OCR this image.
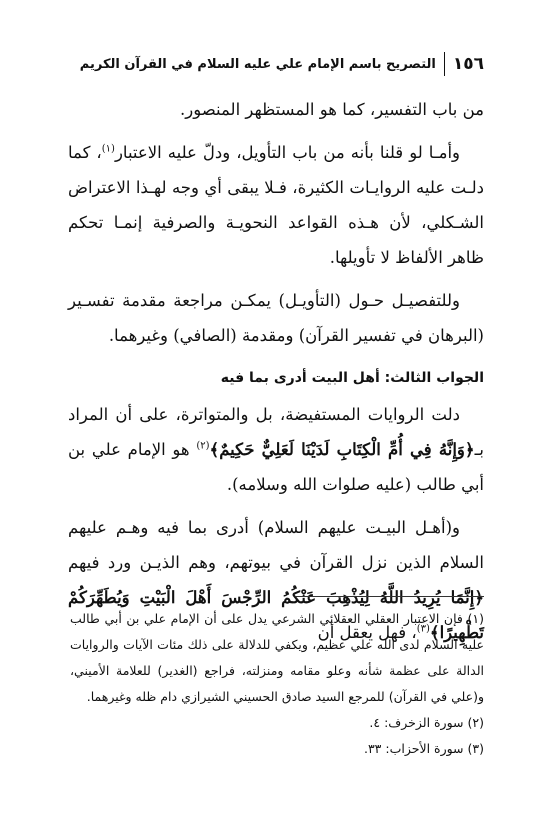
١٥٦
التصريح باسم الإمام علي عليه السلام في القرآن الكريم

من باب التفسير، كما هو المستظهر المنصور.

وأمـا لو قلنا بأنه من باب التأويل، ودلّ عليه الاعتبار$^{(١)}$، كما دلـت عليه الروايـات الكثيرة، فـلا يبقى أي وجه لهـذا الاعتراض الشـكلي، لأن هـذه القواعد النحويـة والصرفية إنمـا تحكم ظاهر الألفاظ لا تأويلها.

وللتفصيـل حـول (التأويـل) يمكـن مراجعة مقدمة تفسـير (البرهان في تفسير القرآن) ومقدمة (الصافي) وغيرهما.

الجواب الثالث: أهل البيت أدرى بما فيه

دلت الروايات المستفيضة، بل والمتواترة، على أن المراد بـ﴿وَإِنَّهُ فِي أُمِّ الْكِتَابِ لَدَيْنَا لَعَلِيٌّ حَكِيمٌ﴾$^{(٢)}$ هو الإمام علي بن أبي طالب (عليه صلوات الله وسلامه).

و(أهـل البيـت عليهم السلام) أدرى بما فيه وهـم عليهم السلام الذين نزل القرآن في بيوتهم، وهم الذيـن ورد فيهم ﴿إِنَّمَا يُرِيدُ اللَّهُ لِيُذْهِبَ عَنْكُمُ الرِّجْسَ أَهْلَ الْبَيْتِ وَيُطَهِّرَكُمْ تَطْهِيرًا﴾$^{(٣)}$، فهل يعقل أن

(١) فإن الاعتبار العقلي العقلائي الشرعي يدل على أن الإمام علي بن أبي طالب عليه السلام لدى الله علي عظيم، ويكفي للدلالة على ذلك مئات الآيات والروايات الدالة على عظمة شأنه وعلو مقامه ومنزلته، فراجع (الغدير) للعلامة الأميني، و(علي في القرآن) للمرجع السيد صادق الحسيني الشيرازي دام ظله وغيرهما.

(٢) سورة الزخرف: ٤.

(٣) سورة الأحزاب: ٣٣.
